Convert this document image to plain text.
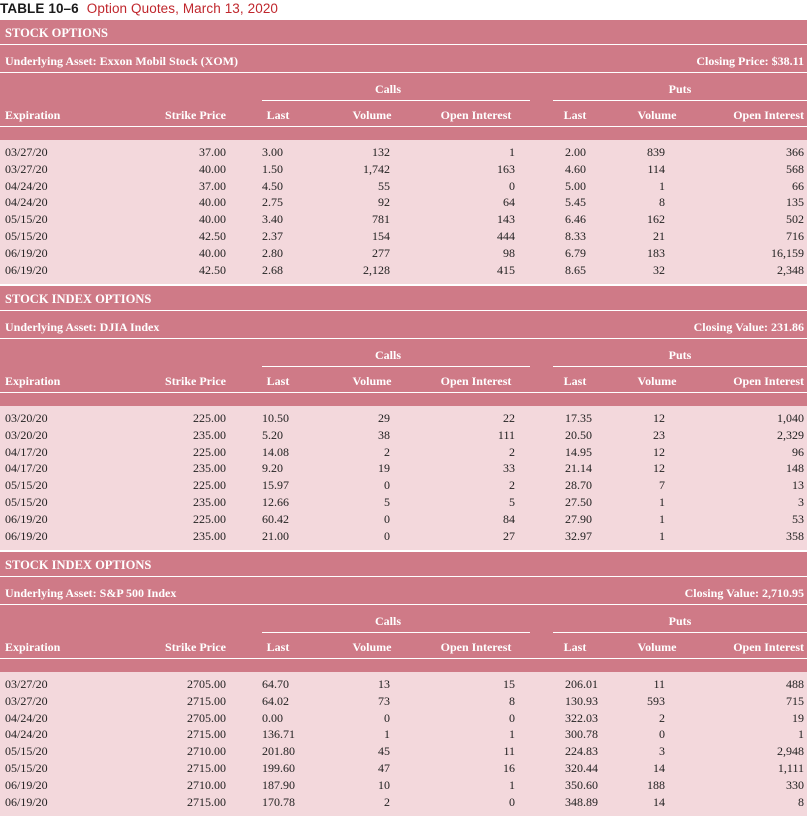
TABLE 10–6 Option Quotes, March 13, 2020
STOCK OPTIONS
Underlying Asset: Exxon Mobil Stock (XOM)	Closing Price: $38.11
Calls	Puts
Expiration	Strike Price	Last	Volume	Open Interest	Last	Volume	Open Interest
03/27/20	37.00	3.00	132	1	2.00	839	366
03/27/20	40.00	1.50	1,742	163	4.60	114	568
04/24/20	37.00	4.50	55	0	5.00	1	66
04/24/20	40.00	2.75	92	64	5.45	8	135
05/15/20	40.00	3.40	781	143	6.46	162	502
05/15/20	42.50	2.37	154	444	8.33	21	716
06/19/20	40.00	2.80	277	98	6.79	183	16,159
06/19/20	42.50	2.68	2,128	415	8.65	32	2,348
STOCK INDEX OPTIONS
Underlying Asset: DJIA Index	Closing Value: 231.86
Calls	Puts
Expiration	Strike Price	Last	Volume	Open Interest	Last	Volume	Open Interest
03/20/20	225.00	10.50	29	22	17.35	12	1,040
03/20/20	235.00	5.20	38	111	20.50	23	2,329
04/17/20	225.00	14.08	2	2	14.95	12	96
04/17/20	235.00	9.20	19	33	21.14	12	148
05/15/20	225.00	15.97	0	2	28.70	7	13
05/15/20	235.00	12.66	5	5	27.50	1	3
06/19/20	225.00	60.42	0	84	27.90	1	53
06/19/20	235.00	21.00	0	27	32.97	1	358
STOCK INDEX OPTIONS
Underlying Asset: S&P 500 Index	Closing Value: 2,710.95
Calls	Puts
Expiration	Strike Price	Last	Volume	Open Interest	Last	Volume	Open Interest
03/27/20	2705.00	64.70	13	15	206.01	11	488
03/27/20	2715.00	64.02	73	8	130.93	593	715
04/24/20	2705.00	0.00	0	0	322.03	2	19
04/24/20	2715.00	136.71	1	1	300.78	0	1
05/15/20	2710.00	201.80	45	11	224.83	3	2,948
05/15/20	2715.00	199.60	47	16	320.44	14	1,111
06/19/20	2710.00	187.90	10	1	350.60	188	330
06/19/20	2715.00	170.78	2	0	348.89	14	8
